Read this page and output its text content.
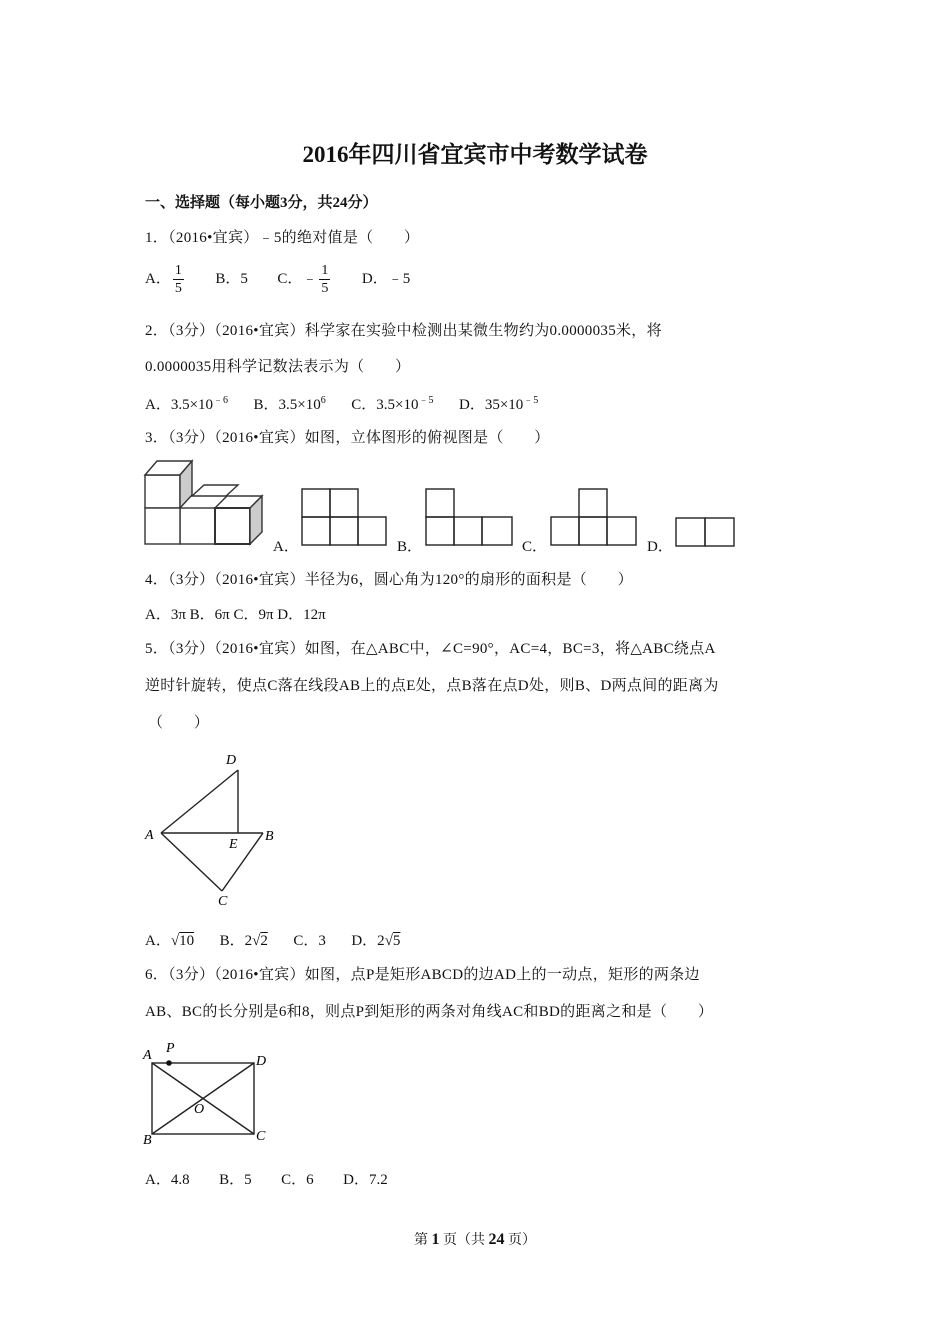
2016年四川省宜宾市中考数学试卷
一、选择题（每小题3分，共24分）
1．（2016•宜宾）﹣5的绝对值是（　　）
A． $\frac{1}{5}$ B．5 C．﹣ $\frac{1}{5}$ D．﹣5
2．（3分）（2016•宜宾）科学家在实验中检测出某微生物约为0.0000035米，将
0.0000035用科学记数法表示为（　　）
A．$3.5\times 10^{﹣6}$ B．$3.5\times 10^6$ C．$3.5\times 10^{﹣5}$ D．$35\times 10^{﹣5}$
3．（3分）（2016•宜宾）如图，立体图形的俯视图是（　　）
A．	B．	C．	D．
4．（3分）（2016•宜宾）半径为6，圆心角为120°的扇形的面积是（　　）
A．3π B．6π C．9π D．12π
5．（3分）（2016•宜宾）如图，在△ABC中，∠C=90°，AC=4，BC=3，将△ABC绕点A
逆时针旋转，使点C落在线段AB上的点E处，点B落在点D处，则B、D两点间的距离为
（　　）
D
A
E
B
C
A．√10 B．2√2 C．3 D．2√5
6．（3分）（2016•宜宾）如图，点P是矩形ABCD的边AD上的一动点，矩形的两条边
AB、BC的长分别是6和8，则点P到矩形的两条对角线AC和BD的距离之和是（　　）
A P
D
O
B	C
A．4.8 B．5 C．6 D．7.2
第 1 页（共 24 页）
